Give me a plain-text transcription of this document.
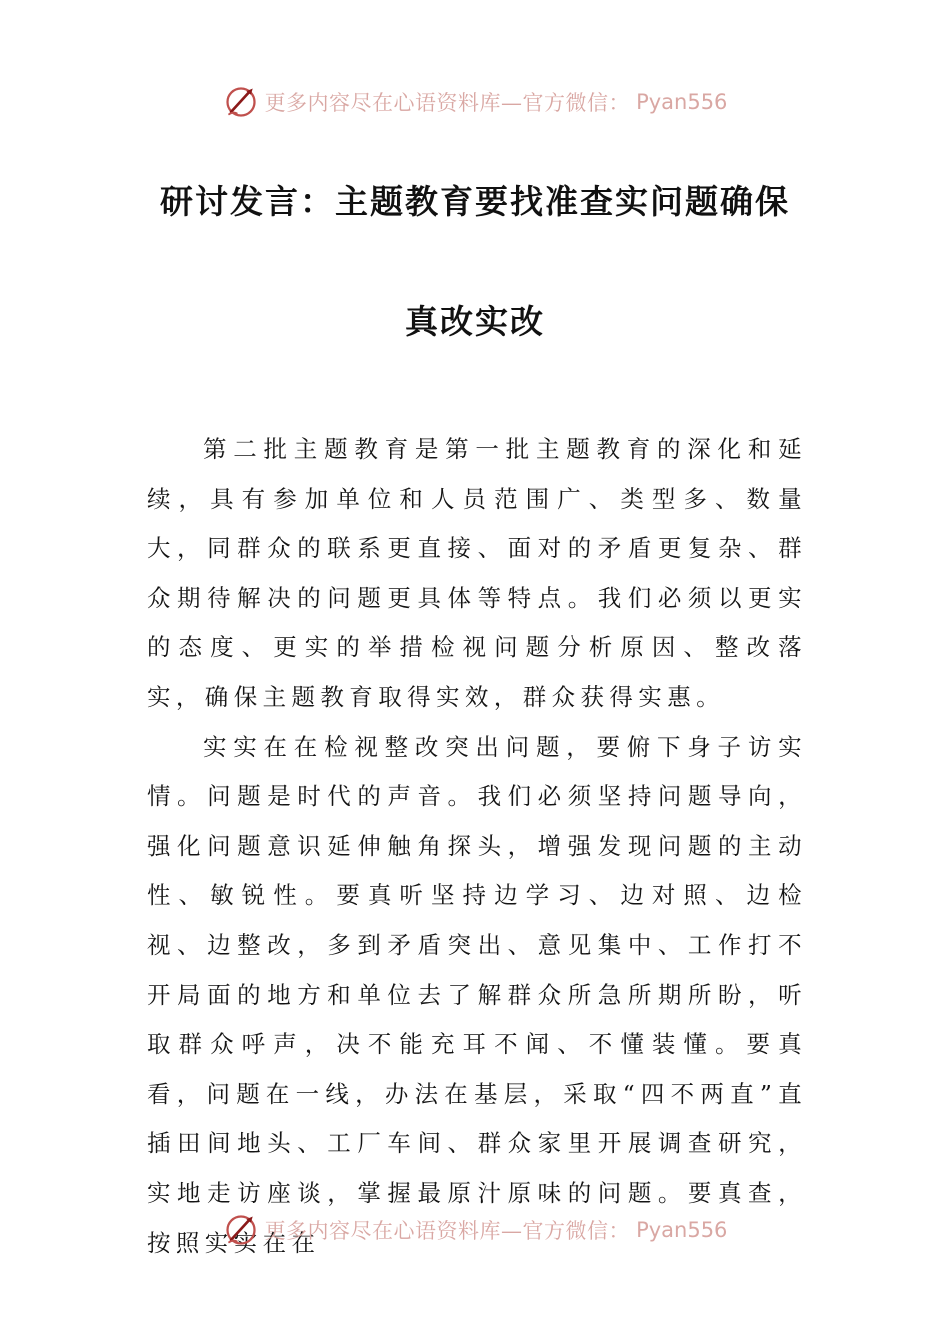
更多内容尽在心语资料库—官方微信： Pyan556
研讨发言：主题教育要找准查实问题确保
真改实改

第二批主题教育是第一批主题教育的深化和延续，具有参加单位和人员范围广、类型多、数量大，同群众的联系更直接、面对的矛盾更复杂、群众期待解决的问题更具体等特点。我们必须以更实的态度、更实的举措检视问题分析原因、整改落实，确保主题教育取得实效，群众获得实惠。

实实在在检视整改突出问题，要俯下身子访实情。问题是时代的声音。我们必须坚持问题导向，强化问题意识延伸触角探头，增强发现问题的主动性、敏锐性。要真听坚持边学习、边对照、边检视、边整改，多到矛盾突出、意见集中、工作打不开局面的地方和单位去了解群众所急所期所盼，听取群众呼声，决不能充耳不闻、不懂装懂。要真看，问题在一线，办法在基层，采取“四不两直”直插田间地头、工厂车间、群众家里开展调查研究，实地走访座谈，掌握最原汁原味的问题。要真查，按照实实在在

更多内容尽在心语资料库—官方微信： Pyan556
